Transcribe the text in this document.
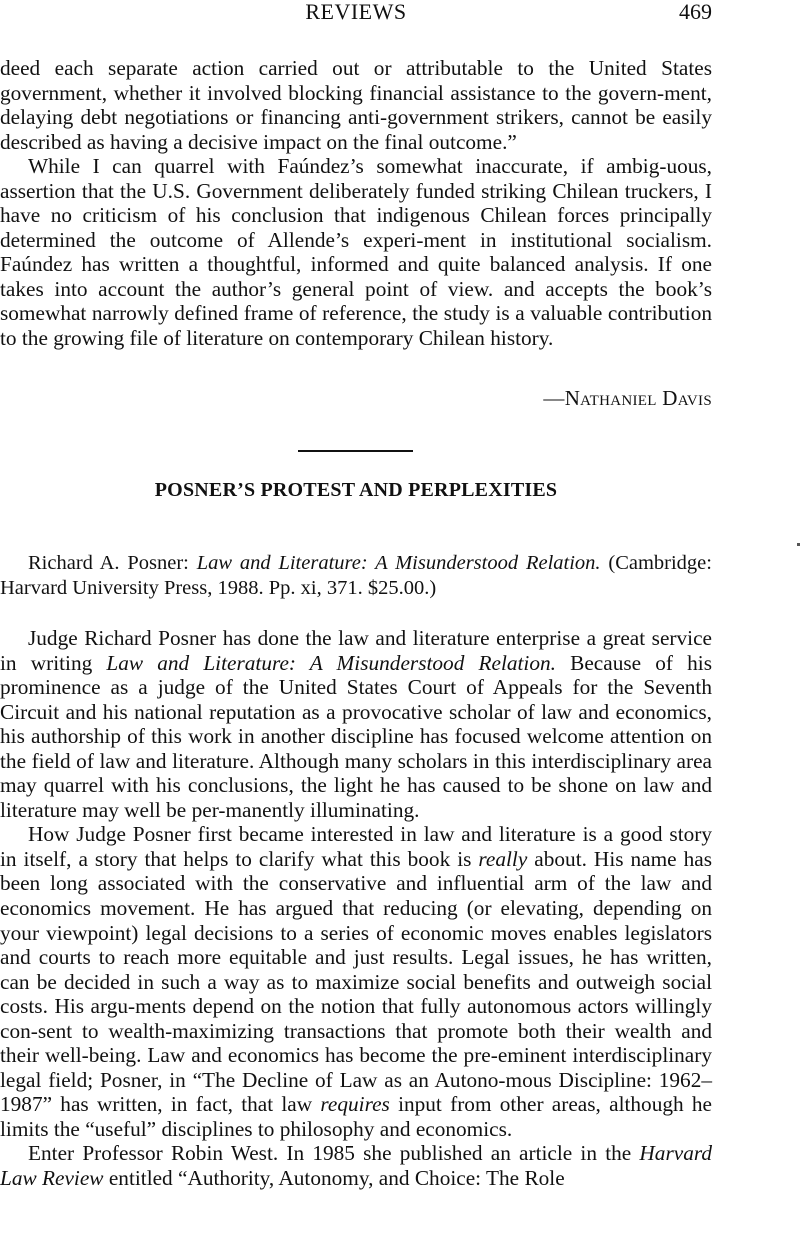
REVIEWS	469

deed each separate action carried out or attributable to the United States government, whether it involved blocking financial assistance to the govern-ment, delaying debt negotiations or financing anti-government strikers, cannot be easily described as having a decisive impact on the final outcome.”

While I can quarrel with Faúndez’s somewhat inaccurate, if ambig-uous, assertion that the U.S. Government deliberately funded striking Chilean truckers, I have no criticism of his conclusion that indigenous Chilean forces principally determined the outcome of Allende’s experi-ment in institutional socialism. Faúndez has written a thoughtful, informed and quite balanced analysis. If one takes into account the author’s general point of view. and accepts the book’s somewhat narrowly defined frame of reference, the study is a valuable contribution to the growing file of literature on contemporary Chilean history.

—Nathaniel Davis
POSNER’S PROTEST AND PERPLEXITIES

Richard A. Posner: Law and Literature: A Misunderstood Relation. (Cambridge: Harvard University Press, 1988. Pp. xi, 371. $25.00.)

Judge Richard Posner has done the law and literature enterprise a great service in writing Law and Literature: A Misunderstood Relation. Because of his prominence as a judge of the United States Court of Appeals for the Seventh Circuit and his national reputation as a provocative scholar of law and economics, his authorship of this work in another discipline has focused welcome attention on the field of law and literature. Although many scholars in this interdisciplinary area may quarrel with his conclusions, the light he has caused to be shone on law and literature may well be per-manently illuminating.

How Judge Posner first became interested in law and literature is a good story in itself, a story that helps to clarify what this book is really about. His name has been long associated with the conservative and influential arm of the law and economics movement. He has argued that reducing (or elevating, depending on your viewpoint) legal decisions to a series of economic moves enables legislators and courts to reach more equitable and just results. Legal issues, he has written, can be decided in such a way as to maximize social benefits and outweigh social costs. His argu-ments depend on the notion that fully autonomous actors willingly con-sent to wealth-maximizing transactions that promote both their wealth and their well-being. Law and economics has become the pre-eminent interdisciplinary legal field; Posner, in “The Decline of Law as an Autono-mous Discipline: 1962–1987” has written, in fact, that law requires input from other areas, although he limits the “useful” disciplines to philosophy and economics.

Enter Professor Robin West. In 1985 she published an article in the Harvard Law Review entitled “Authority, Autonomy, and Choice: The Role
